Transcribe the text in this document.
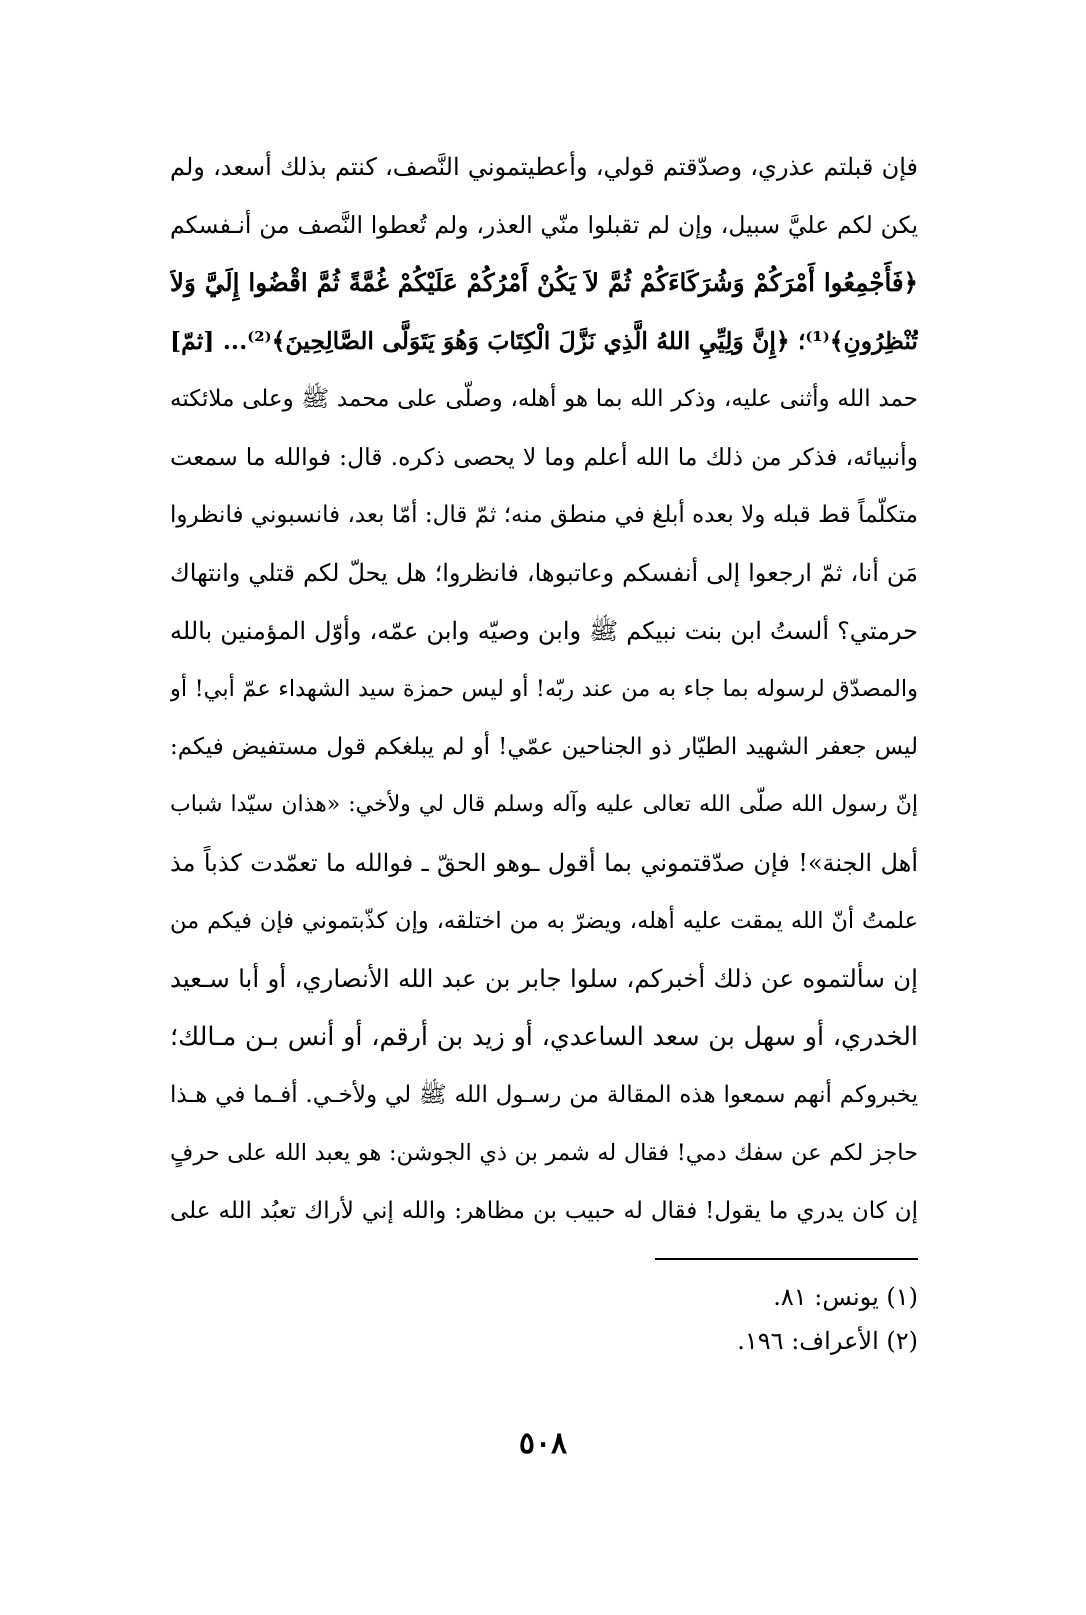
فإن قبلتم عذري، وصدّقتم قولي، وأعطيتموني النَّصف، كنتم بذلك أسعد، ولم
يكن لكم عليَّ سبيل، وإن لم تقبلوا منّي العذر، ولم تُعطوا النَّصف من أنـفسكم
﴿فَأَجْمِعُوا أَمْرَكُمْ وَشُرَكَاءَكُمْ ثُمَّ لاَ يَكُنْ أَمْرُكُمْ عَلَيْكُمْ غُمَّةً ثُمَّ اقْضُوا إِلَيَّ وَلاَ
تُنْظِرُونِ﴾⁽¹⁾؛ ﴿إِنَّ وَلِيِّيِ اللهُ الَّذِي نَزَّلَ الْكِتَابَ وَهُوَ يَتَوَلَّى الصَّالِحِينَ﴾⁽²⁾... [ثمّ]
حمد الله وأثنى عليه، وذكر الله بما هو أهله، وصلّى على محمد ﷺ وعلى ملائكته
وأنبيائه، فذكر من ذلك ما الله أعلم وما لا يحصى ذكره. قال: فوالله ما سمعت
متكلّماً قط قبله ولا بعده أبلغ في منطق منه؛ ثمّ قال: أمّا بعد، فانسبوني فانظروا
مَن أنا، ثمّ ارجعوا إلى أنفسكم وعاتبوها، فانظروا؛ هل يحلّ لكم قتلي وانتهاك
حرمتي؟ ألستُ ابن بنت نبيكم ﷺ وابن وصيّه وابن عمّه، وأوّل المؤمنين بالله
والمصدّق لرسوله بما جاء به من عند ربّه! أو ليس حمزة سيد الشهداء عمّ أبي! أو
ليس جعفر الشهيد الطيّار ذو الجناحين عمّي! أو لم يبلغكم قول مستفيض فيكم:
إنّ رسول الله صلّى الله تعالى عليه وآله وسلم قال لي ولأخي: «هذان سيّدا شباب
أهل الجنة»! فإن صدّقتموني بما أقول ـوهو الحقّ ـ فوالله ما تعمّدت كذباً مذ
علمتُ أنّ الله يمقت عليه أهله، ويضرّ به من اختلقه، وإن كذّبتموني فإن فيكم من
إن سألتموه عن ذلك أخبركم، سلوا جابر بن عبد الله الأنصاري، أو أبا سـعيد
الخدري، أو سهل بن سعد الساعدي، أو زيد بن أرقم، أو أنس بـن مـالك؛
يخبروكم أنهم سمعوا هذه المقالة من رسـول الله ﷺ لي ولأخـي. أفـما في هـذا
حاجز لكم عن سفك دمي! فقال له شمر بن ذي الجوشن: هو يعبد الله على حرفٍ
إن كان يدري ما يقول! فقال له حبيب بن مظاهر: والله إني لأراك تعبُد الله على
(١) يونس: ٨١.
(٢) الأعراف: ١٩٦.
٥٠٨
